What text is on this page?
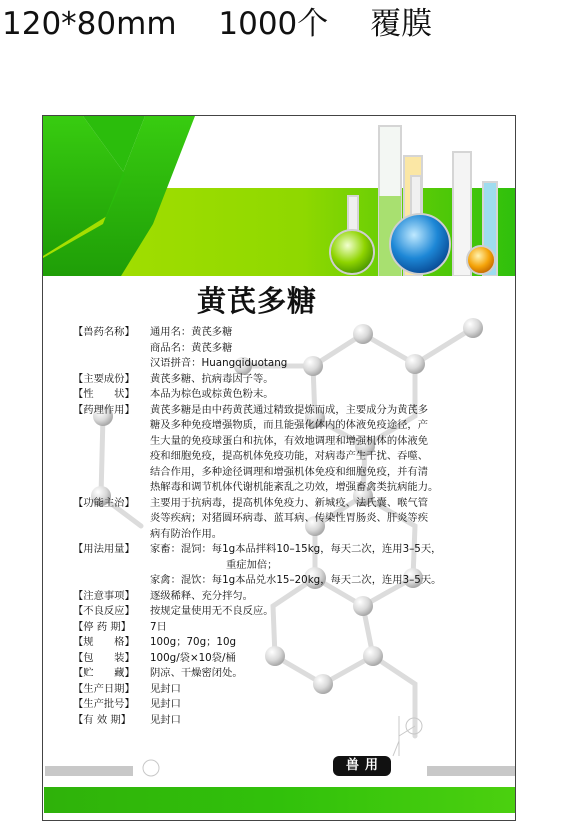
120*80mm 1000个 覆膜
黄芪多糖
【兽药名称】	通用名：黄芪多糖
商品名：黄芪多糖
汉语拼音：Huangqiduotang
【主要成份】	黄芪多糖、抗病毒因子等。
【性　　状】	本品为棕色或棕黄色粉末。
【药理作用】	黄芪多糖是由中药黄芪通过精致提炼而成，主要成分为黄芪多
糖及多种免疫增强物质，而且能强化体内的体液免疫途径，产
生大量的免疫球蛋白和抗体，有效地调理和增强机体的体液免
疫和细胞免疫，提高机体免疫功能，对病毒产生干扰、吞噬、
结合作用，多种途径调理和增强机体免疫和细胞免疫，并有清
热解毒和调节机体代谢机能紊乱之功效，增强畜禽类抗病能力。
【功能主治】	主要用于抗病毒，提高机体免疫力、新城疫、法氏囊、喉气管
炎等疾病；对猪圆环病毒、蓝耳病、传染性胃肠炎、肝炎等疾
病有防治作用。
【用法用量】	家畜：混饲：每1g本品拌料10–15kg，每天二次，连用3–5天，
重症加倍；
家禽：混饮：每1g本品兑水15–20kg，每天二次，连用3–5天。
【注意事项】	逐级稀释、充分拌匀。
【不良反应】	按规定量使用无不良反应。
【停 药 期】	7日
【规　　格】	100g；70g；10g
【包　　装】	100g/袋×10袋/桶
【贮　　藏】	阴凉、干燥密闭处。
【生产日期】	见封口
【生产批号】	见封口
【有 效 期】	见封口
兽用
